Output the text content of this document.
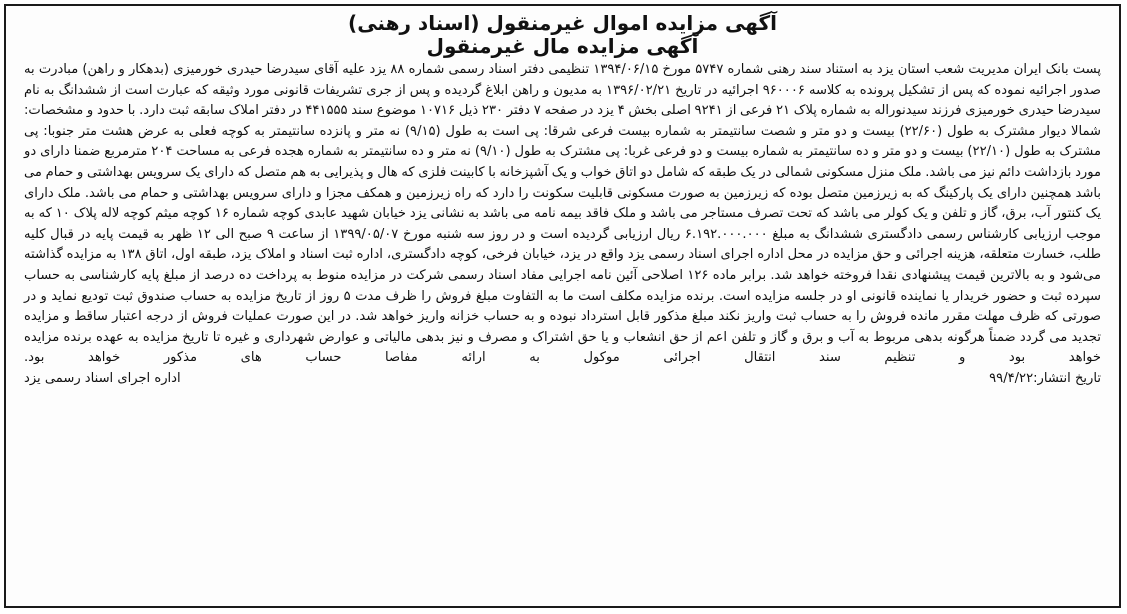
آگهی مزایده اموال غیرمنقول (اسناد رهنی)
آگهی مزایده مال غیرمنقول

پست بانک ایران مدیریت شعب استان یزد به استناد سند رهنی شماره ۵۷۴۷ مورخ ۱۳۹۴/۰۶/۱۵ تنظیمی دفتر اسناد رسمی شماره ۸۸ یزد علیه آقای سیدرضا حیدری خورمیزی (بدهکار و راهن) مبادرت به صدور اجرائیه نموده که پس از تشکیل پرونده به کلاسه ۹۶۰۰۰۶ اجرائیه در تاریخ ۱۳۹۶/۰۲/۲۱ به مدیون و راهن ابلاغ گردیده و پس از جری تشریفات قانونی مورد وثیقه که عبارت است از ششدانگ به نام سیدرضا حیدری خورمیزی فرزند سیدنوراله به شماره پلاک ۲۱ فرعی از ۹۲۴۱ اصلی بخش ۴ یزد در صفحه ۷ دفتر ۲۳۰ ذیل ۱۰۷۱۶ موضوع سند ۴۴۱۵۵۵ در دفتر املاک سابقه ثبت دارد. با حدود و مشخصات: شمالا دیوار مشترک به طول (۲۲/۶۰) بیست و دو متر و شصت سانتیمتر به شماره بیست فرعی شرقا: پی است به طول (۹/۱۵) نه متر و پانزده سانتیمتر به کوچه فعلی به عرض هشت متر جنوبا: پی مشترک به طول (۲۲/۱۰) بیست و دو متر و ده سانتیمتر به شماره بیست و دو فرعی غربا: پی مشترک به طول (۹/۱۰) نه متر و ده سانتیمتر به شماره هجده فرعی به مساحت ۲۰۴ مترمربع ضمنا دارای دو مورد بازداشت دائم نیز می باشد. ملک منزل مسکونی شمالی در یک طبقه که شامل دو اتاق خواب و یک آشپزخانه با کابینت فلزی که هال و پذیرایی به هم متصل که دارای یک سرویس بهداشتی و حمام می باشد همچنین دارای یک پارکینگ که به زیرزمین متصل بوده که زیرزمین به صورت مسکونی قابلیت سکونت را دارد که راه زیرزمین و همکف مجزا و دارای سرویس بهداشتی و حمام می باشد. ملک دارای یک کنتور آب، برق، گاز و تلفن و یک کولر می باشد که تحت تصرف مستاجر می باشد و ملک فاقد بیمه نامه می باشد به نشانی یزد خیابان شهید عابدی کوچه شماره ۱۶ کوچه میثم کوچه لاله پلاک ۱۰ که به موجب ارزیابی کارشناس رسمی دادگستری ششدانگ به مبلغ ۶.۱۹۲.۰۰۰.۰۰۰ ریال ارزیابی گردیده است و در روز سه شنبه مورخ ۱۳۹۹/۰۵/۰۷ از ساعت ۹ صبح الی ۱۲ ظهر به قیمت پایه در قبال کلیه طلب، خسارت متعلقه، هزینه اجرائی و حق مزایده در محل اداره اجرای اسناد رسمی یزد واقع در یزد، خیابان فرخی، کوچه دادگستری، اداره ثبت اسناد و املاک یزد، طبقه اول، اتاق ۱۳۸ به مزایده گذاشته می‌شود و به بالاترین قیمت پیشنهادی نقدا فروخته خواهد شد. برابر ماده ۱۲۶ اصلاحی آئین نامه اجرایی مفاد اسناد رسمی شرکت در مزایده منوط به پرداخت ده درصد از مبلغ پایه کارشناسی به حساب سپرده ثبت و حضور خریدار یا نماینده قانونی او در جلسه مزایده است. برنده مزایده مکلف است ما به التفاوت مبلغ فروش را ظرف مدت ۵ روز از تاریخ مزایده به حساب صندوق ثبت تودیع نماید و در صورتی که ظرف مهلت مقرر مانده فروش را به حساب ثبت واریز نکند مبلغ مذکور قابل استرداد نبوده و به حساب خزانه واریز خواهد شد. در این صورت عملیات فروش از درجه اعتبار ساقط و مزایده تجدید می گردد ضمناً هرگونه بدهی مربوط به آب و برق و گاز و تلفن اعم از حق انشعاب و یا حق اشتراک و مصرف و نیز بدهی مالیاتی و عوارض شهرداری و غیره تا تاریخ مزایده به عهده برنده مزایده خواهد بود و تنظیم سند انتقال اجرائی موکول به ارائه مفاصا حساب های مذکور خواهد بود.

تاریخ انتشار:۹۹/۴/۲۲
اداره اجرای اسناد رسمی یزد
